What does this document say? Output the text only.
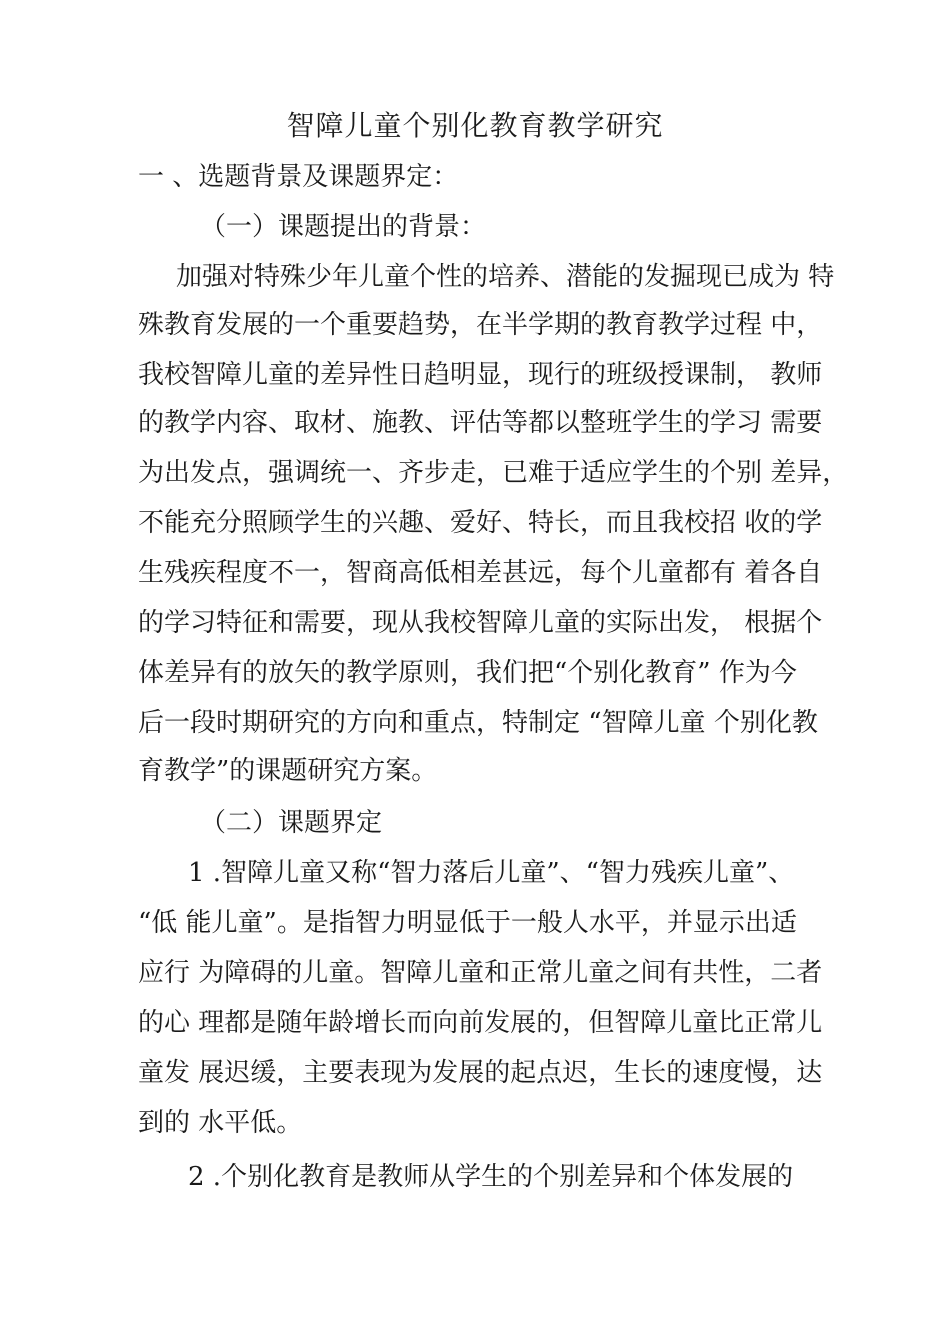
智障儿童个别化教育教学研究
一 、选题背景及课题界定：
（一）课题提出的背景：
加强对特殊少年儿童个性的培养、潜能的发掘现已成为 特
殊教育发展的一个重要趋势，在半学期的教育教学过程 中，
我校智障儿童的差异性日趋明显，现行的班级授课制， 教师
的教学内容、取材、施教、评估等都以整班学生的学习 需要
为出发点，强调统一、齐步走，已难于适应学生的个别 差异，
不能充分照顾学生的兴趣、爱好、特长，而且我校招 收的学
生残疾程度不一，智商高低相差甚远，每个儿童都有 着各自
的学习特征和需要，现从我校智障儿童的实际出发， 根据个
体差异有的放矢的教学原则，我们把“个别化教育” 作为今
后一段时期研究的方向和重点，特制定 “智障儿童 个别化教
育教学”的课题研究方案。
（二）课题界定
1 .智障儿童又称“智力落后儿童”、“智力残疾儿童”、
“低 能儿童”。是指智力明显低于一般人水平，并显示出适
应行 为障碍的儿童。智障儿童和正常儿童之间有共性，二者
的心 理都是随年龄增长而向前发展的，但智障儿童比正常儿
童发 展迟缓，主要表现为发展的起点迟，生长的速度慢，达
到的 水平低。
2 .个别化教育是教师从学生的个别差异和个体发展的
